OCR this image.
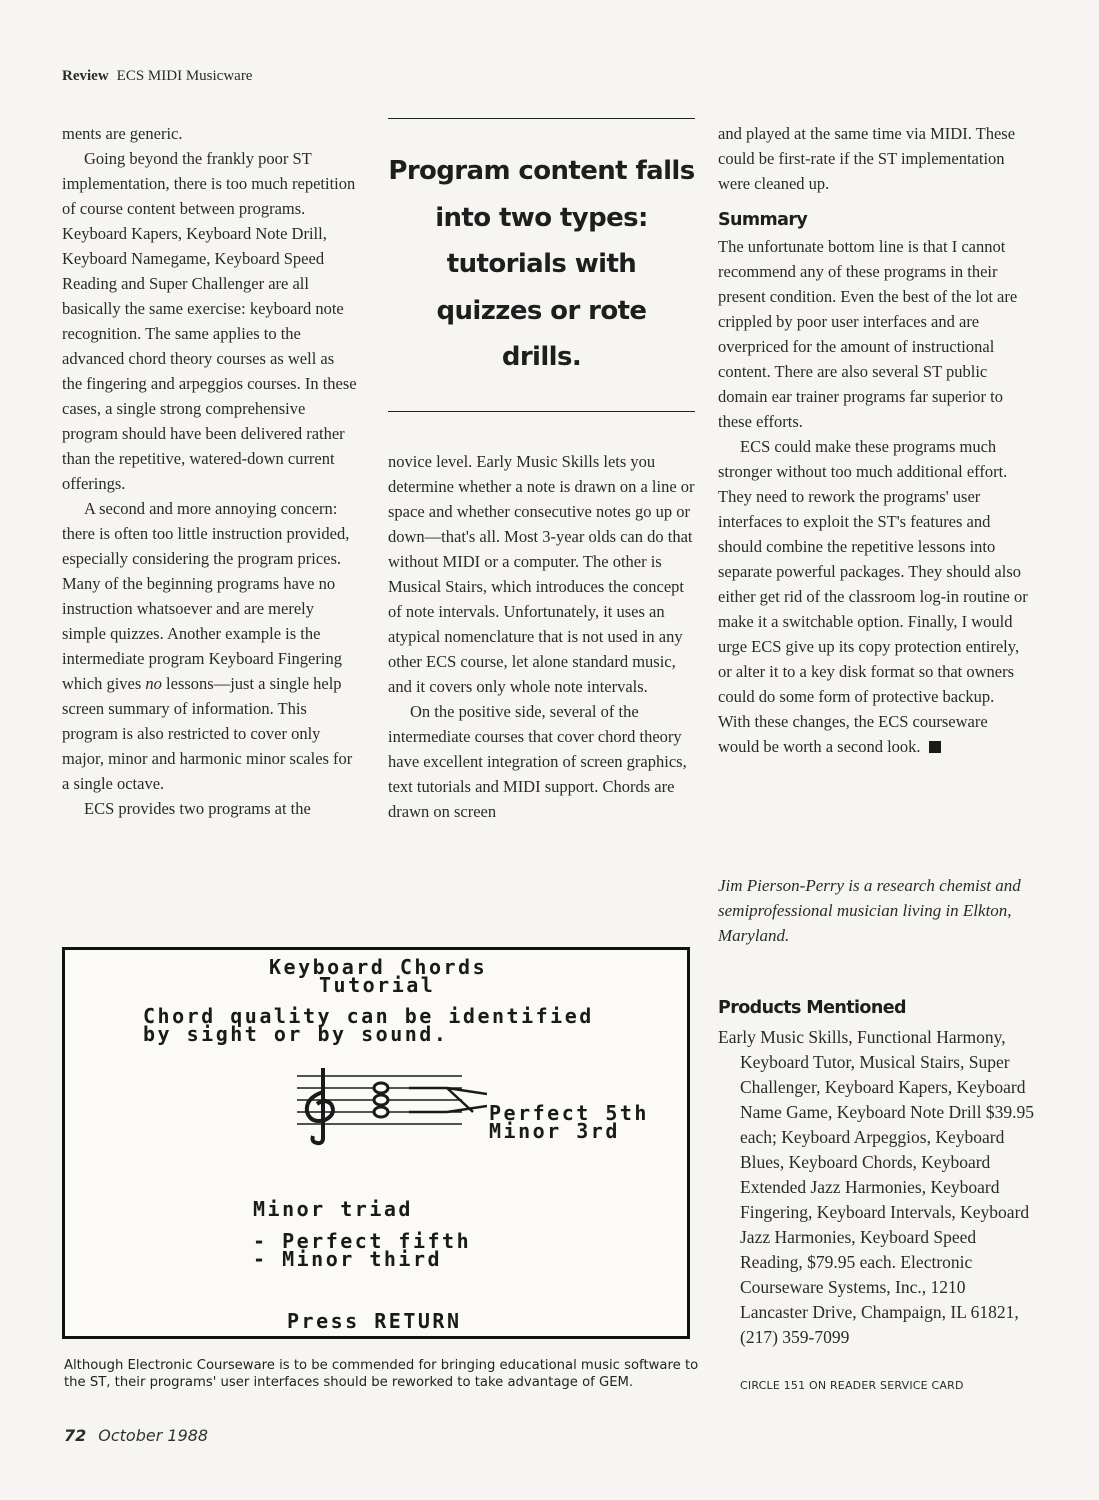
Review ECS MIDI Musicware

ments are generic.

Going beyond the frankly poor ST implementation, there is too much repetition of course content between programs. Keyboard Kapers, Keyboard Note Drill, Keyboard Namegame, Keyboard Speed Reading and Super Challenger are all basically the same exercise: keyboard note recognition. The same applies to the advanced chord theory courses as well as the fingering and arpeggios courses. In these cases, a single strong comprehensive program should have been delivered rather than the repetitive, watered-down current offerings.

A second and more annoying concern: there is often too little instruction provided, especially considering the program prices. Many of the beginning programs have no instruction whatsoever and are merely simple quizzes. Another example is the intermediate program Keyboard Fingering which gives no lessons—just a single help screen summary of information. This program is also restricted to cover only major, minor and harmonic minor scales for a single octave.

ECS provides two programs at the

Program content falls
into two types:
tutorials with
quizzes or rote
drills.

novice level. Early Music Skills lets you determine whether a note is drawn on a line or space and whether consecutive notes go up or down—that's all. Most 3-year olds can do that without MIDI or a computer. The other is Musical Stairs, which introduces the concept of note intervals. Unfortunately, it uses an atypical nomenclature that is not used in any other ECS course, let alone standard music, and it covers only whole note intervals.

On the positive side, several of the intermediate courses that cover chord theory have excellent integration of screen graphics, text tutorials and MIDI support. Chords are drawn on screen

and played at the same time via MIDI. These could be first-rate if the ST implementation were cleaned up.

Summary

The unfortunate bottom line is that I cannot recommend any of these programs in their present condition. Even the best of the lot are crippled by poor user interfaces and are overpriced for the amount of instructional content. There are also several ST public domain ear trainer programs far superior to these efforts.

ECS could make these programs much stronger without too much additional effort. They need to rework the programs' user interfaces to exploit the ST's features and should combine the repetitive lessons into separate powerful packages. They should also either get rid of the classroom log-in routine or make it a switchable option. Finally, I would urge ECS give up its copy protection entirely, or alter it to a key disk format so that owners could do some form of protective backup. With these changes, the ECS courseware would be worth a second look.

Jim Pierson-Perry is a research chemist and semiprofessional musician living in Elkton, Maryland.
Products Mentioned
Early Music Skills, Functional Harmony, Keyboard Tutor, Musical Stairs, Super Challenger, Keyboard Kapers, Keyboard Name Game, Keyboard Note Drill $39.95 each; Keyboard Arpeggios, Keyboard Blues, Keyboard Chords, Keyboard Extended Jazz Harmonies, Keyboard Fingering, Keyboard Intervals, Keyboard Jazz Harmonies, Keyboard Speed Reading, $79.95 each. Electronic Courseware Systems, Inc., 1210 Lancaster Drive, Champaign, IL 61821, (217) 359-7099
CIRCLE 151 ON READER SERVICE CARD
Keyboard Chords
Tutorial
Chord quality can be identified
by sight or by sound.
Perfect 5th
Minor 3rd
Minor triad
- Perfect fifth
- Minor third
Press RETURN
Although Electronic Courseware is to be commended for bringing educational music software to the ST, their programs' user interfaces should be reworked to take advantage of GEM.
72 October 1988
